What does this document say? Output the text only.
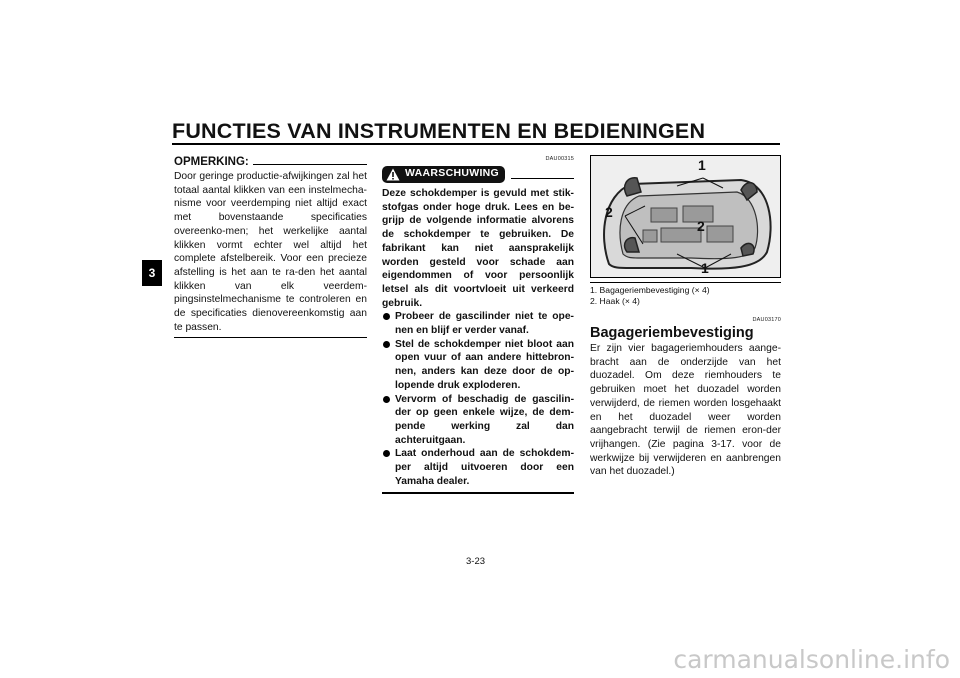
FUNCTIES VAN INSTRUMENTEN EN BEDIENINGEN
3
OPMERKING:
Door geringe productie-afwijkingen zal het totaal aantal klikken van een instelmecha-nisme voor veerdemping niet altijd exact met bovenstaande specificaties overeenko-men; het werkelijke aantal klikken vormt echter wel altijd het complete afstelbereik. Voor een precieze afstelling is het aan te ra-den het aantal klikken van elk veerdem-pingsinstelmechanisme te controleren en de specificaties dienovereenkomstig aan te passen.
DAU00315
WAARSCHUWING
Deze schokdemper is gevuld met stik-stofgas onder hoge druk. Lees en be-grijp de volgende informatie alvorens de schokdemper te gebruiken. De fabrikant kan niet aansprakelijk worden gesteld voor schade aan eigendommen of voor persoonlijk letsel als dit voortvloeit uit verkeerd gebruik.
Probeer de gascilinder niet te ope-nen en blijf er verder vanaf.
Stel de schokdemper niet bloot aan open vuur of aan andere hittebron-nen, anders kan deze door de op-lopende druk exploderen.
Vervorm of beschadig de gascilin-der op geen enkele wijze, de dem-pende werking zal dan achteruitgaan.
Laat onderhoud aan de schokdem-per altijd uitvoeren door een Yamaha dealer.
1
2
2
1
1. Bagageriembevestiging (× 4)
2. Haak (× 4)
DAU03170
Bagageriembevestiging
Er zijn vier bagageriemhouders aange-bracht aan de onderzijde van het duozadel. Om deze riemhouders te gebruiken moet het duozadel worden verwijderd, de riemen worden losgehaakt en het duozadel weer worden aangebracht terwijl de riemen eron-der vrijhangen. (Zie pagina 3-17. voor de werkwijze bij verwijderen en aanbrengen van het duozadel.)
3-23
carmanualsonline.info
